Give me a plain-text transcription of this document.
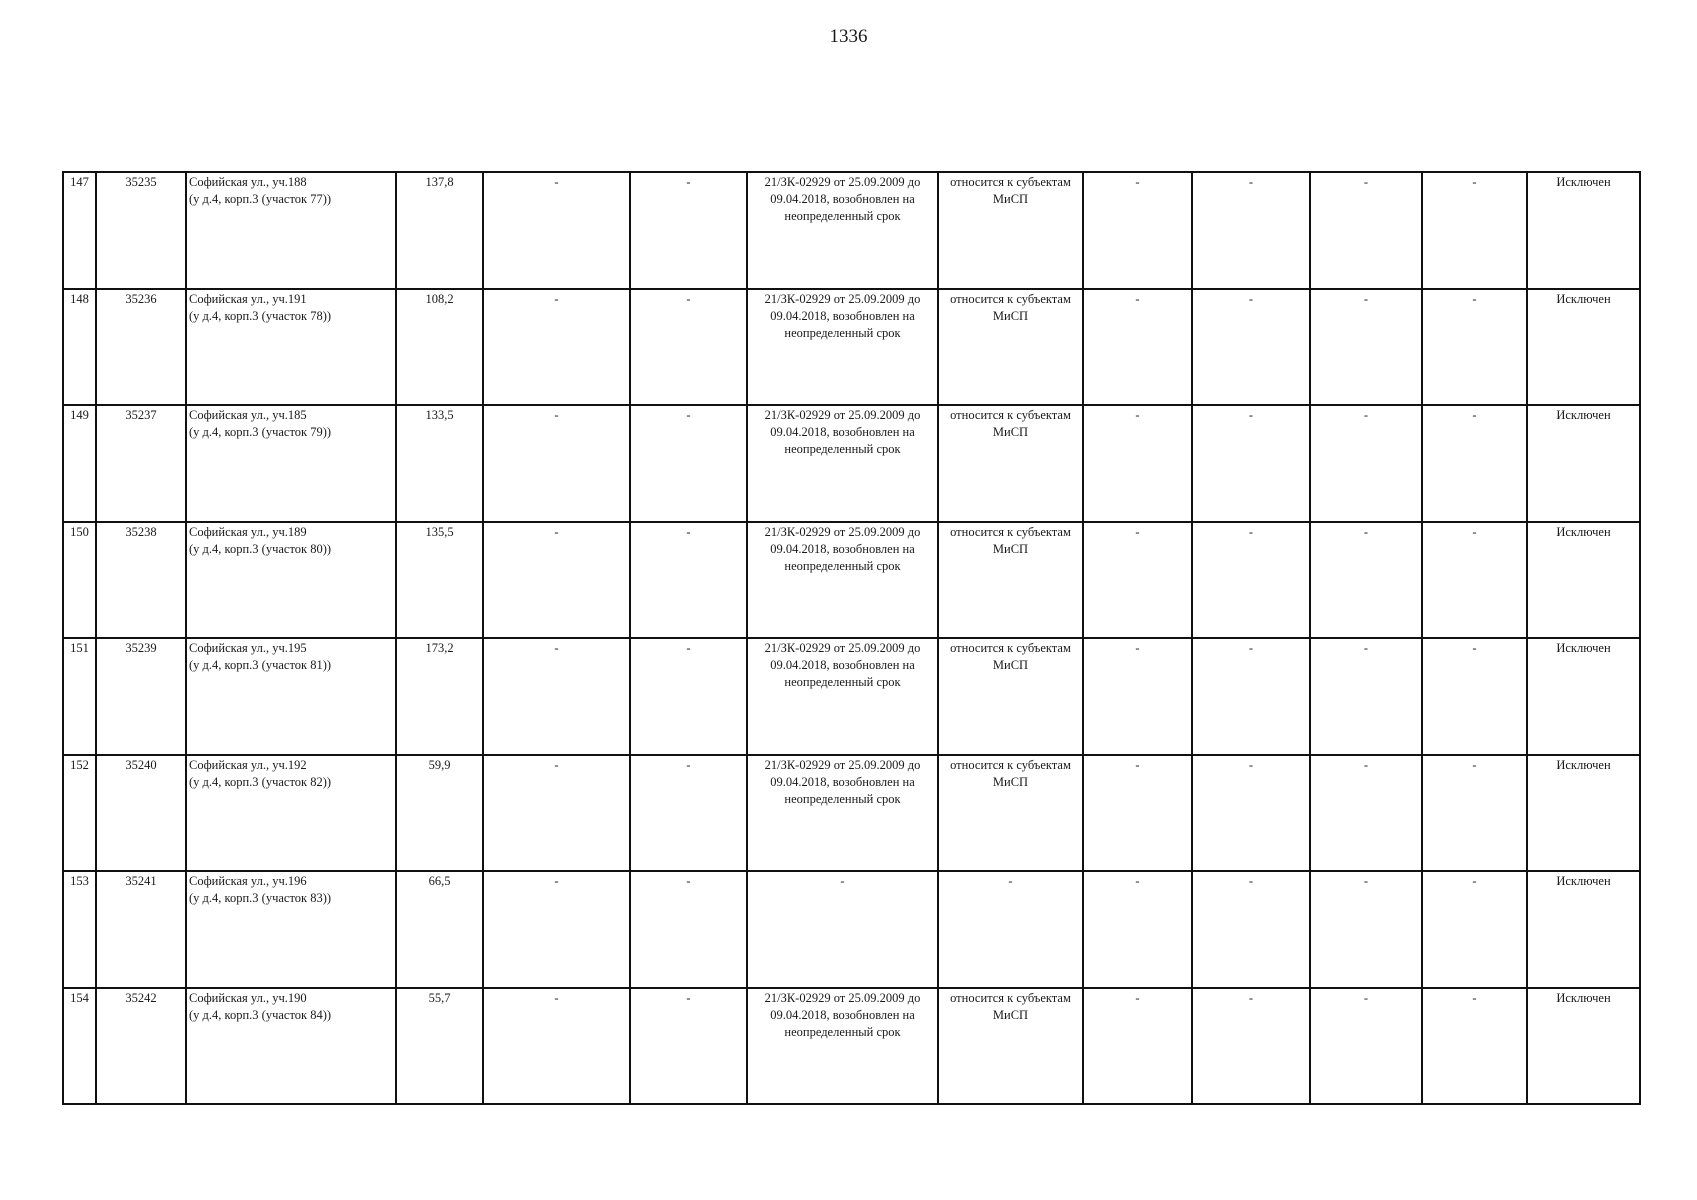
1336
147	35235	Софийская ул., уч.188
(у д.4, корп.3 (участок 77))	137,8	-	-	21/ЗК-02929 от 25.09.2009 до 09.04.2018, возобновлен на неопределенный срок	относится к субъектам МиСП	-	-	-	-	Исключен
148	35236	Софийская ул., уч.191
(у д.4, корп.3 (участок 78))	108,2	-	-	21/ЗК-02929 от 25.09.2009 до 09.04.2018, возобновлен на неопределенный срок	относится к субъектам МиСП	-	-	-	-	Исключен
149	35237	Софийская ул., уч.185
(у д.4, корп.3 (участок 79))	133,5	-	-	21/ЗК-02929 от 25.09.2009 до 09.04.2018, возобновлен на неопределенный срок	относится к субъектам МиСП	-	-	-	-	Исключен
150	35238	Софийская ул., уч.189
(у д.4, корп.3 (участок 80))	135,5	-	-	21/ЗК-02929 от 25.09.2009 до 09.04.2018, возобновлен на неопределенный срок	относится к субъектам МиСП	-	-	-	-	Исключен
151	35239	Софийская ул., уч.195
(у д.4, корп.3 (участок 81))	173,2	-	-	21/ЗК-02929 от 25.09.2009 до 09.04.2018, возобновлен на неопределенный срок	относится к субъектам МиСП	-	-	-	-	Исключен
152	35240	Софийская ул., уч.192
(у д.4, корп.3 (участок 82))	59,9	-	-	21/ЗК-02929 от 25.09.2009 до 09.04.2018, возобновлен на неопределенный срок	относится к субъектам МиСП	-	-	-	-	Исключен
153	35241	Софийская ул., уч.196
(у д.4, корп.3 (участок 83))	66,5	-	-	-	-	-	-	-	-	Исключен
154	35242	Софийская ул., уч.190
(у д.4, корп.3 (участок 84))	55,7	-	-	21/ЗК-02929 от 25.09.2009 до 09.04.2018, возобновлен на неопределенный срок	относится к субъектам МиСП	-	-	-	-	Исключен
